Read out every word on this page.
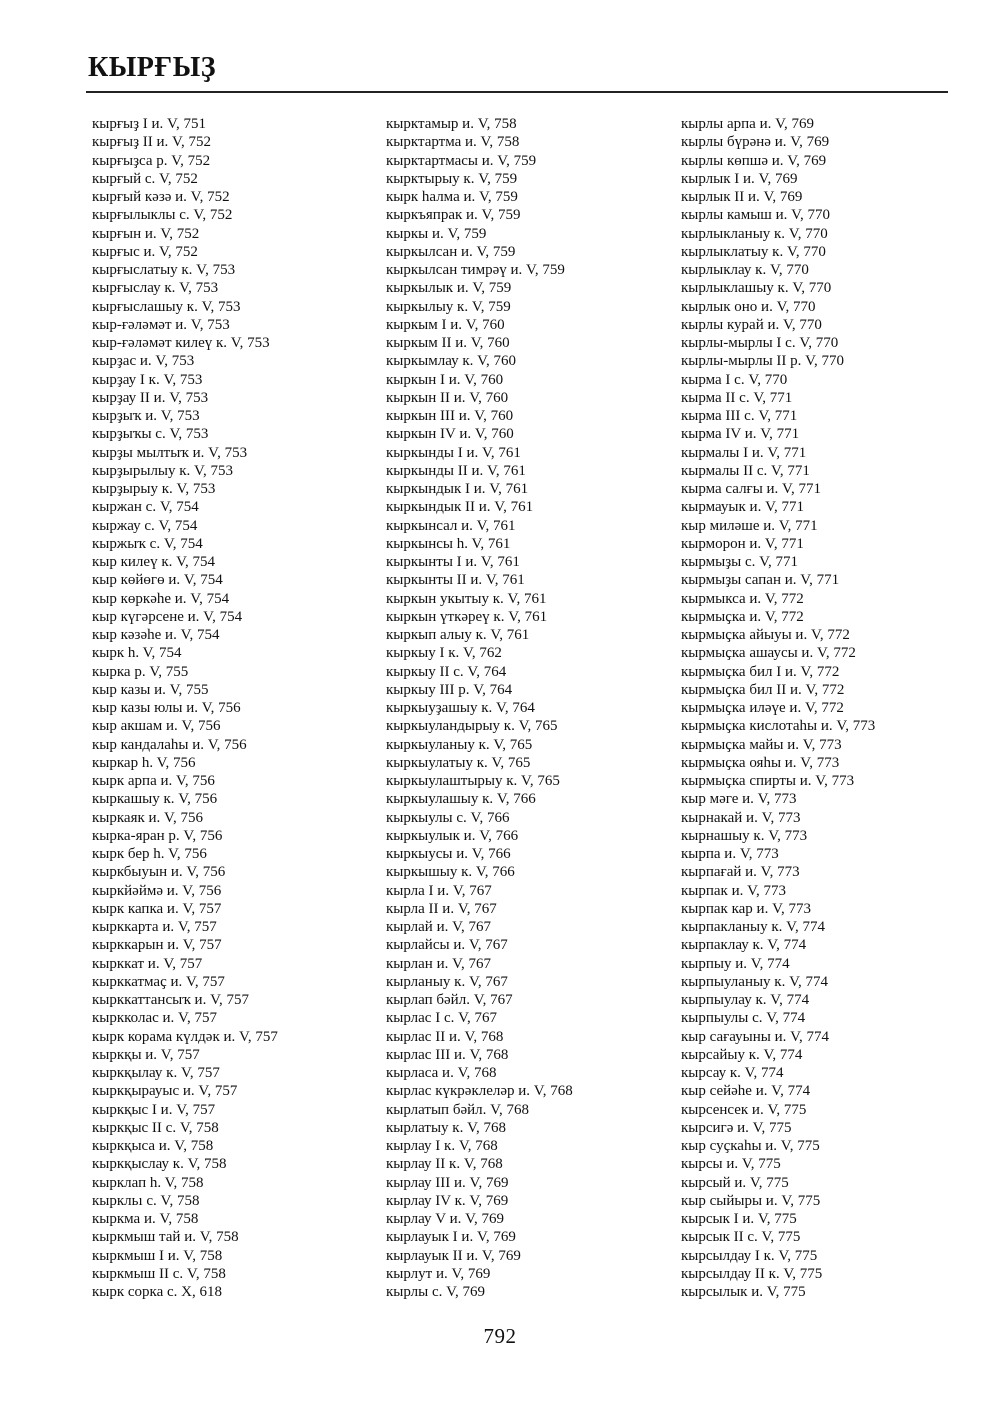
КЫРҒЫҘ
кырғыҙ I и. V, 751
кырғыҙ II и. V, 752
кырғыҙса р. V, 752
кырғый с. V, 752
кырғый кәзә и. V, 752
кырғылыклы с. V, 752
кырғын и. V, 752
кырғыс и. V, 752
кырғыслатыу к. V, 753
кырғыслау к. V, 753
кырғыслашыу к. V, 753
кыр-ғәләмәт и. V, 753
кыр-ғәләмәт килеү к. V, 753
кырҙас и. V, 753
кырҙау I к. V, 753
кырҙау II и. V, 753
кырҙыҡ и. V, 753
кырҙыҡы с. V, 753
кырҙы мылтыҡ и. V, 753
кырҙырылыу к. V, 753
кырҙырыу к. V, 753
кыржан с. V, 754
кыржау с. V, 754
кыржыҡ с. V, 754
кыр килеү к. V, 754
кыр көйөгө и. V, 754
кыр көркәһе и. V, 754
кыр күгәрсене и. V, 754
кыр кәзәһе и. V, 754
кырк h. V, 754
кырка р. V, 755
кыр казы и. V, 755
кыр казы юлы и. V, 756
кыр акшам и. V, 756
кыр кандалаһы и. V, 756
кыркар h. V, 756
кырк арпа и. V, 756
кыркашыу к. V, 756
кыркаяк и. V, 756
кырка-яран р. V, 756
кырк бер h. V, 756
кыркбыуын и. V, 756
кыркйәймә и. V, 756
кырк капка и. V, 757
кырккарта и. V, 757
кырккарын и. V, 757
кырккат и. V, 757
кырккатмаҫ и. V, 757
кырккаттансыҡ и. V, 757
кыркколас и. V, 757
кырк корама күлдәк и. V, 757
кыркқы и. V, 757
кыркқылау к. V, 757
кыркқырауыс и. V, 757
кыркқыс I и. V, 757
кыркқыс II с. V, 758
кыркқыса и. V, 758
кыркқыслау к. V, 758
кырклап h. V, 758
кыркльı с. V, 758
кыркма и. V, 758
кыркмыш тай и. V, 758
кыркмыш I и. V, 758
кыркмыш II с. V, 758
кырк сорка с. X, 618
кырктамыр и. V, 758
кырктартма и. V, 758
кырктартмасы и. V, 759
кырктырыу к. V, 759
кырк һалма и. V, 759
кыркъяпрак и. V, 759
кыркы и. V, 759
кыркылсан и. V, 759
кыркылсан тимрәү и. V, 759
кыркылык и. V, 759
кыркылыу к. V, 759
кыркым I и. V, 760
кыркым II и. V, 760
кыркымлау к. V, 760
кыркын I и. V, 760
кыркын II и. V, 760
кыркын III и. V, 760
кыркын IV и. V, 760
кыркынды I и. V, 761
кыркынды II и. V, 761
кыркындык I и. V, 761
кыркындык II и. V, 761
кыркынсал и. V, 761
кыркынсы h. V, 761
кыркынты I и. V, 761
кыркынты II и. V, 761
кыркын укытыу к. V, 761
кыркын үткәреү к. V, 761
кыркып алыу к. V, 761
кыркыу I к. V, 762
кыркыу II с. V, 764
кыркыу III р. V, 764
кыркыуҙашыу к. V, 764
кыркыуландырыу к. V, 765
кыркыуланыу к. V, 765
кыркыулатыу к. V, 765
кыркыулаштырыу к. V, 765
кыркыулашыу к. V, 766
кыркыулы с. V, 766
кыркыулык и. V, 766
кыркыусы и. V, 766
кыркышыу к. V, 766
кырла I и. V, 767
кырла II и. V, 767
кырлай и. V, 767
кырлайсы и. V, 767
кырлан и. V, 767
кырланыу к. V, 767
кырлап бәйл. V, 767
кырлас I с. V, 767
кырлас II и. V, 768
кырлас III и. V, 768
кырласа и. V, 768
кырлас күкрәклеләр и. V, 768
кырлатып бәйл. V, 768
кырлатыу к. V, 768
кырлау I к. V, 768
кырлау II к. V, 768
кырлау III и. V, 769
кырлау IV к. V, 769
кырлау V и. V, 769
кырлауык I и. V, 769
кырлауык II и. V, 769
кырлут и. V, 769
кырлы с. V, 769
кырлы арпа и. V, 769
кырлы бүрәнә и. V, 769
кырлы көпшә и. V, 769
кырлык I и. V, 769
кырлык II и. V, 769
кырлы камыш и. V, 770
кырлыкланыу к. V, 770
кырлыклатыу к. V, 770
кырлыклау к. V, 770
кырлыклашыу к. V, 770
кырлык оно и. V, 770
кырлы курай и. V, 770
кырлы-мырлы I с. V, 770
кырлы-мырлы II р. V, 770
кырма I с. V, 770
кырма II с. V, 771
кырма III с. V, 771
кырма IV и. V, 771
кырмалы I и. V, 771
кырмалы II с. V, 771
кырма салғы и. V, 771
кырмауык и. V, 771
кыр миләше и. V, 771
кырморон и. V, 771
кырмыҙы с. V, 771
кырмыҙы сапан и. V, 771
кырмыкса и. V, 772
кырмыҫка и. V, 772
кырмыҫка айыуы и. V, 772
кырмыҫка ашаусы и. V, 772
кырмыҫка бил I и. V, 772
кырмыҫка бил II и. V, 772
кырмыҫка иләүе и. V, 772
кырмыҫка кислотаһы и. V, 773
кырмыҫка майы и. V, 773
кырмыҫка ояһы и. V, 773
кырмыҫка спирты и. V, 773
кыр мәге и. V, 773
кырнакай и. V, 773
кырнашыу к. V, 773
кырпа и. V, 773
кырпағай и. V, 773
кырпак и. V, 773
кырпак кар и. V, 773
кырпакланыу к. V, 774
кырпаклау к. V, 774
кырпыу и. V, 774
кырпыуланыу к. V, 774
кырпыулау к. V, 774
кырпыулы с. V, 774
кыр сағауыны и. V, 774
кырсайыу к. V, 774
кырсау к. V, 774
кыр сейәһе и. V, 774
кырсенсек и. V, 775
кырсигә и. V, 775
кыр суҫкаһы и. V, 775
кырсы и. V, 775
кырсый и. V, 775
кыр сыйыры и. V, 775
кырсык I и. V, 775
кырсык II с. V, 775
кырсылдау I к. V, 775
кырсылдау II к. V, 775
кырсылык и. V, 775
792
